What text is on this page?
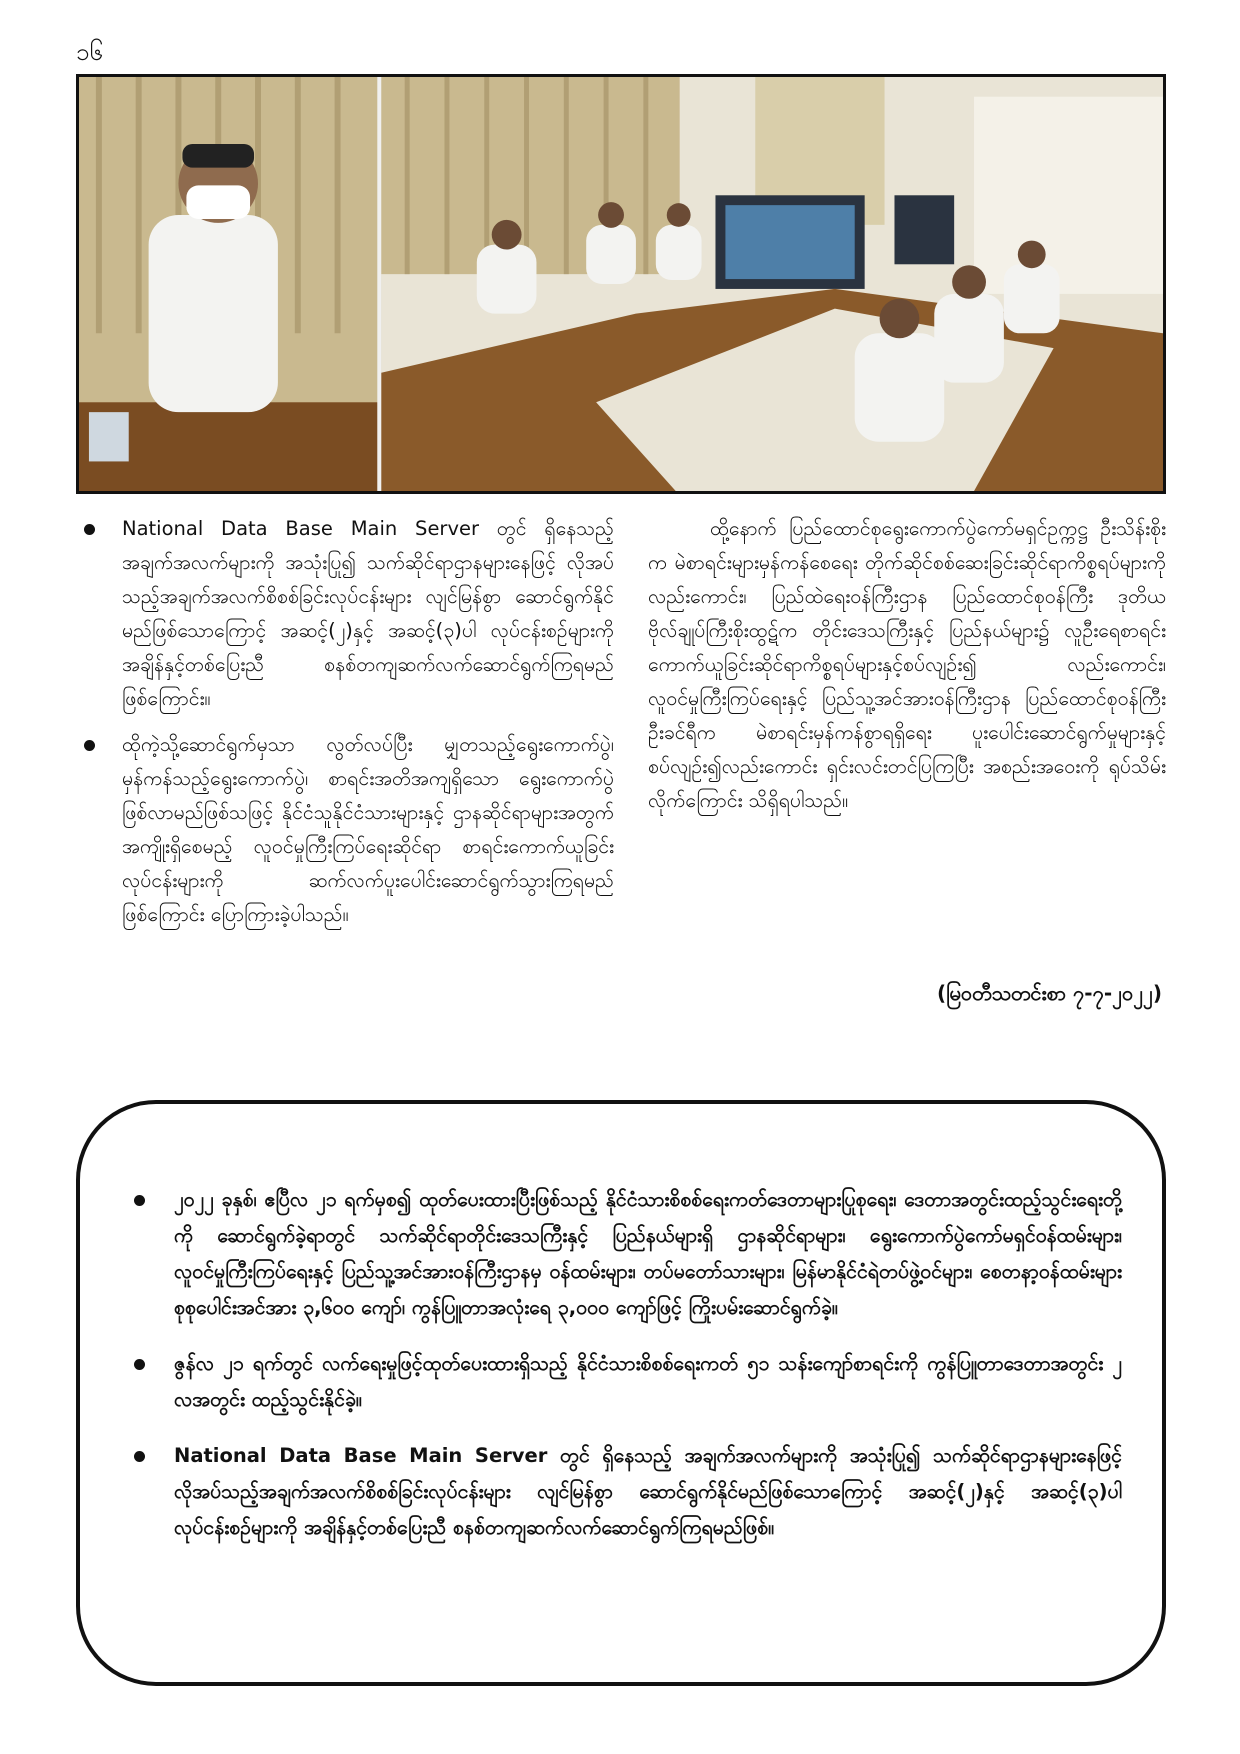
၁၆
National Data Base Main Server တွင် ရှိနေသည့် အချက်အလက်များကို အသုံးပြု၍ သက်ဆိုင်ရာဌာနများနေဖြင့် လိုအပ်သည့်အချက်အလက်စိစစ်ခြင်းလုပ်ငန်းများ လျင်မြန်စွာ ဆောင်ရွက်နိုင်မည်ဖြစ်သောကြောင့် အဆင့်(၂)နှင့် အဆင့်(၃)ပါ လုပ်ငန်းစဉ်များကို အချိန်နှင့်တစ်ပြေးညီ စနစ်တကျဆက်လက်ဆောင်ရွက်ကြရမည်ဖြစ်ကြောင်း။
ထိုကဲ့သို့ဆောင်ရွက်မှသာ လွတ်လပ်ပြီး မျှတသည့်ရွေးကောက်ပွဲ၊ မှန်ကန်သည့်ရွေးကောက်ပွဲ၊ စာရင်းအတိအကျရှိသော ရွေးကောက်ပွဲဖြစ်လာမည်ဖြစ်သဖြင့် နိုင်ငံသူနိုင်ငံသားများနှင့် ဌာနဆိုင်ရာများအတွက် အကျိုးရှိစေမည့် လူဝင်မှုကြီးကြပ်ရေးဆိုင်ရာ စာရင်းကောက်ယူခြင်းလုပ်ငန်းများကို ဆက်လက်ပူးပေါင်းဆောင်ရွက်သွားကြရမည်ဖြစ်ကြောင်း ပြောကြားခဲ့ပါသည်။

ထို့နောက် ပြည်ထောင်စုရွေးကောက်ပွဲကော်မရှင်ဥက္ကဋ္ဌ ဦးသိန်းစိုးက မဲစာရင်းများမှန်ကန်စေရေး တိုက်ဆိုင်စစ်ဆေးခြင်းဆိုင်ရာကိစ္စရပ်များကိုလည်းကောင်း၊ ပြည်ထဲရေးဝန်ကြီးဌာန ပြည်ထောင်စုဝန်ကြီး ဒုတိယဗိုလ်ချုပ်ကြီးစိုးထွဋ်က တိုင်းဒေသကြီးနှင့် ပြည်နယ်များ၌ လူဦးရေစာရင်းကောက်ယူခြင်းဆိုင်ရာကိစ္စရပ်များနှင့်စပ်လျဉ်း၍ လည်းကောင်း၊ လူဝင်မှုကြီးကြပ်ရေးနှင့် ပြည်သူ့အင်အားဝန်ကြီးဌာန ပြည်ထောင်စုဝန်ကြီး ဦးခင်ရီက မဲစာရင်းမှန်ကန်စွာရရှိရေး ပူးပေါင်းဆောင်ရွက်မှုများနှင့်စပ်လျဉ်း၍လည်းကောင်း ရှင်းလင်းတင်ပြကြပြီး အစည်းအဝေးကို ရုပ်သိမ်းလိုက်ကြောင်း သိရှိရပါသည်။

(မြဝတီသတင်းစာ ၇-၇-၂၀၂၂)
၂၀၂၂ ခုနှစ်၊ ဧပြီလ ၂၁ ရက်မှစ၍ ထုတ်ပေးထားပြီးဖြစ်သည့် နိုင်ငံသားစိစစ်ရေးကတ်ဒေတာများပြုစုရေး၊ ဒေတာအတွင်းထည့်သွင်းရေးတို့ကို ဆောင်ရွက်ခဲ့ရာတွင် သက်ဆိုင်ရာတိုင်းဒေသကြီးနှင့် ပြည်နယ်များရှိ ဌာနဆိုင်ရာများ၊ ရွေးကောက်ပွဲကော်မရှင်ဝန်ထမ်းများ၊ လူဝင်မှုကြီးကြပ်ရေးနှင့် ပြည်သူ့အင်အားဝန်ကြီးဌာနမှ ဝန်ထမ်းများ၊ တပ်မတော်သားများ၊ မြန်မာနိုင်ငံရဲတပ်ဖွဲ့ဝင်များ၊ စေတနာ့ဝန်ထမ်းများ စုစုပေါင်းအင်အား ၃,၆၀၀ ကျော်၊ ကွန်ပြူတာအလုံးရေ ၃,၀၀၀ ကျော်ဖြင့် ကြိုးပမ်းဆောင်ရွက်ခဲ့။
ဇွန်လ ၂၁ ရက်တွင် လက်ရေးမှုဖြင့်ထုတ်ပေးထားရှိသည့် နိုင်ငံသားစိစစ်ရေးကတ် ၅၁ သန်းကျော်စာရင်းကို ကွန်ပြူတာဒေတာအတွင်း ၂ လအတွင်း ထည့်သွင်းနိုင်ခဲ့။
National Data Base Main Server တွင် ရှိနေသည့် အချက်အလက်များကို အသုံးပြု၍ သက်ဆိုင်ရာဌာနများနေဖြင့် လိုအပ်သည့်အချက်အလက်စိစစ်ခြင်းလုပ်ငန်းများ လျင်မြန်စွာ ဆောင်ရွက်နိုင်မည်ဖြစ်သောကြောင့် အဆင့်(၂)နှင့် အဆင့်(၃)ပါ လုပ်ငန်းစဉ်များကို အချိန်နှင့်တစ်ပြေးညီ စနစ်တကျဆက်လက်ဆောင်ရွက်ကြရမည်ဖြစ်။
